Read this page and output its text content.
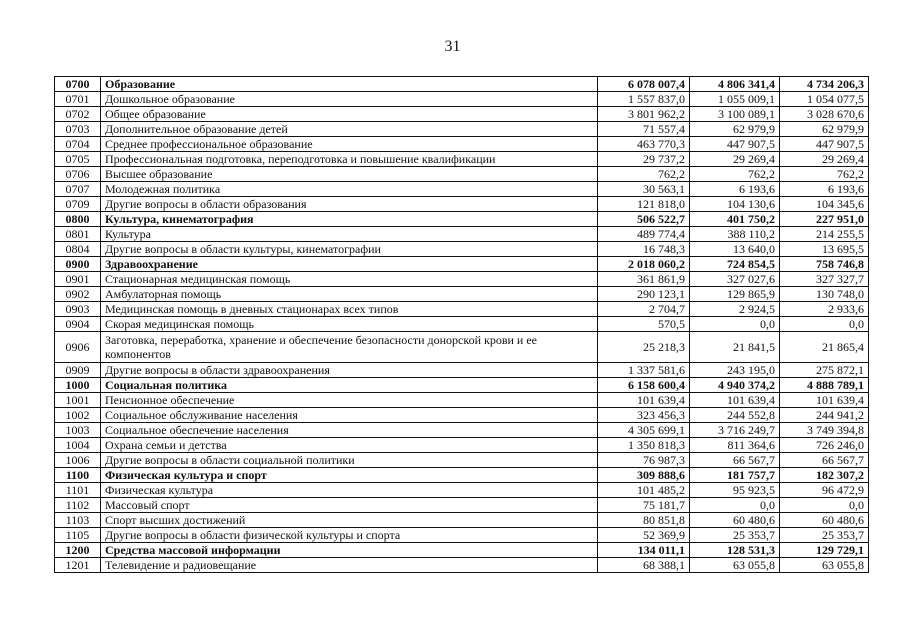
31
0700	Образование	6 078 007,4	4 806 341,4	4 734 206,3
0701	Дошкольное образование	1 557 837,0	1 055 009,1	1 054 077,5
0702	Общее образование	3 801 962,2	3 100 089,1	3 028 670,6
0703	Дополнительное образование детей	71 557,4	62 979,9	62 979,9
0704	Среднее профессиональное образование	463 770,3	447 907,5	447 907,5
0705	Профессиональная подготовка, переподготовка и повышение квалификации	29 737,2	29 269,4	29 269,4
0706	Высшее образование	762,2	762,2	762,2
0707	Молодежная политика	30 563,1	6 193,6	6 193,6
0709	Другие вопросы в области образования	121 818,0	104 130,6	104 345,6
0800	Культура, кинематография	506 522,7	401 750,2	227 951,0
0801	Культура	489 774,4	388 110,2	214 255,5
0804	Другие вопросы в области культуры, кинематографии	16 748,3	13 640,0	13 695,5
0900	Здравоохранение	2 018 060,2	724 854,5	758 746,8
0901	Стационарная медицинская помощь	361 861,9	327 027,6	327 327,7
0902	Амбулаторная помощь	290 123,1	129 865,9	130 748,0
0903	Медицинская помощь в дневных стационарах всех типов	2 704,7	2 924,5	2 933,6
0904	Скорая медицинская помощь	570,5	0,0	0,0
0906	Заготовка, переработка, хранение и обеспечение безопасности донорской крови и ее компонентов	25 218,3	21 841,5	21 865,4
0909	Другие вопросы в области здравоохранения	1 337 581,6	243 195,0	275 872,1
1000	Социальная политика	6 158 600,4	4 940 374,2	4 888 789,1
1001	Пенсионное обеспечение	101 639,4	101 639,4	101 639,4
1002	Социальное обслуживание населения	323 456,3	244 552,8	244 941,2
1003	Социальное обеспечение населения	4 305 699,1	3 716 249,7	3 749 394,8
1004	Охрана семьи и детства	1 350 818,3	811 364,6	726 246,0
1006	Другие вопросы в области социальной политики	76 987,3	66 567,7	66 567,7
1100	Физическая культура и спорт	309 888,6	181 757,7	182 307,2
1101	Физическая культура	101 485,2	95 923,5	96 472,9
1102	Массовый спорт	75 181,7	0,0	0,0
1103	Спорт высших достижений	80 851,8	60 480,6	60 480,6
1105	Другие вопросы в области физической культуры и спорта	52 369,9	25 353,7	25 353,7
1200	Средства массовой информации	134 011,1	128 531,3	129 729,1
1201	Телевидение и радиовещание	68 388,1	63 055,8	63 055,8
